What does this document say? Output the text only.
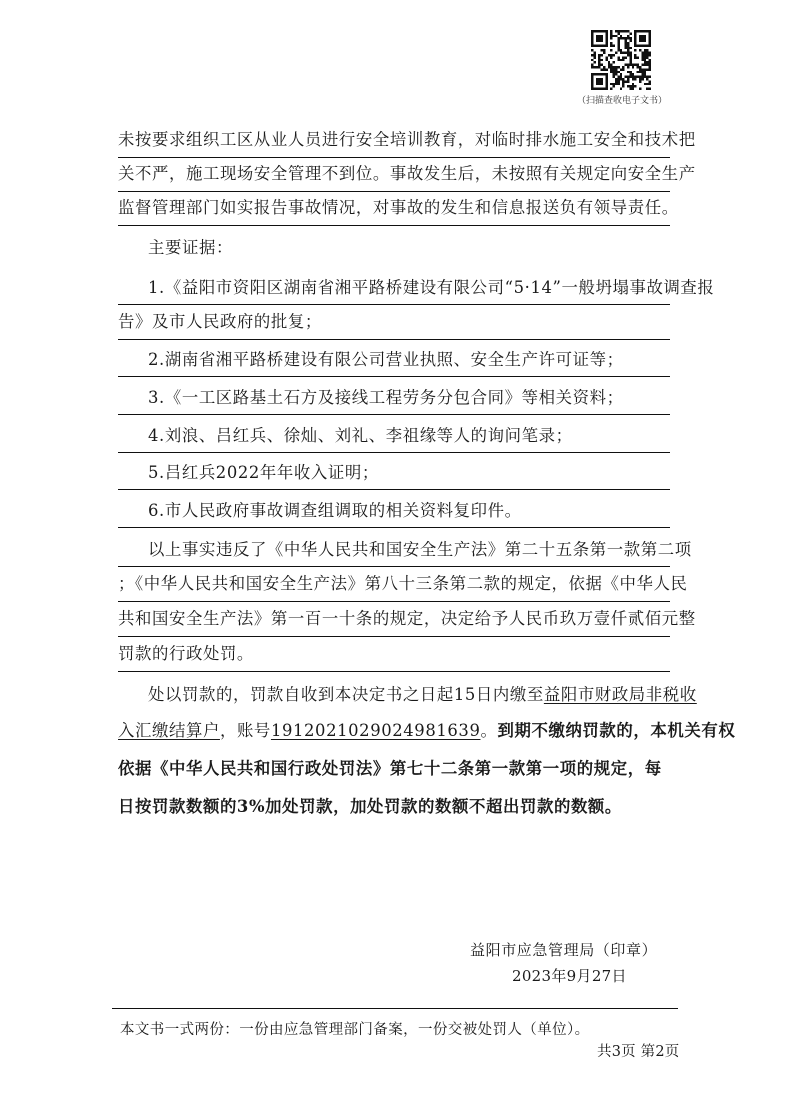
（扫描查收电子文书）
未按要求组织工区从业人员进行安全培训教育，对临时排水施工安全和技术把
关不严，施工现场安全管理不到位。事故发生后，未按照有关规定向安全生产
监督管理部门如实报告事故情况，对事故的发生和信息报送负有领导责任。
主要证据：
1.《益阳市资阳区湖南省湘平路桥建设有限公司“5·14”一般坍塌事故调查报
告》及市人民政府的批复；
2.湖南省湘平路桥建设有限公司营业执照、安全生产许可证等；
3.《一工区路基土石方及接线工程劳务分包合同》等相关资料；
4.刘浪、吕红兵、徐灿、刘礼、李祖缘等人的询问笔录；
5.吕红兵2022年年收入证明；
6.市人民政府事故调查组调取的相关资料复印件。
以上事实违反了《中华人民共和国安全生产法》第二十五条第一款第二项
；《中华人民共和国安全生产法》第八十三条第二款的规定，依据《中华人民
共和国安全生产法》第一百一十条的规定，决定给予人民币玖万壹仟贰佰元整
罚款的行政处罚。
处以罚款的，罚款自收到本决定书之日起15日内缴至益阳市财政局非税收
入汇缴结算户，账号1912021029024981639。到期不缴纳罚款的，本机关有权
依据《中华人民共和国行政处罚法》第七十二条第一款第一项的规定，每
日按罚款数额的3%加处罚款，加处罚款的数额不超出罚款的数额。
益阳市应急管理局（印章）
2023年9月27日
本文书一式两份：一份由应急管理部门备案，一份交被处罚人（单位）。
共3页 第2页
